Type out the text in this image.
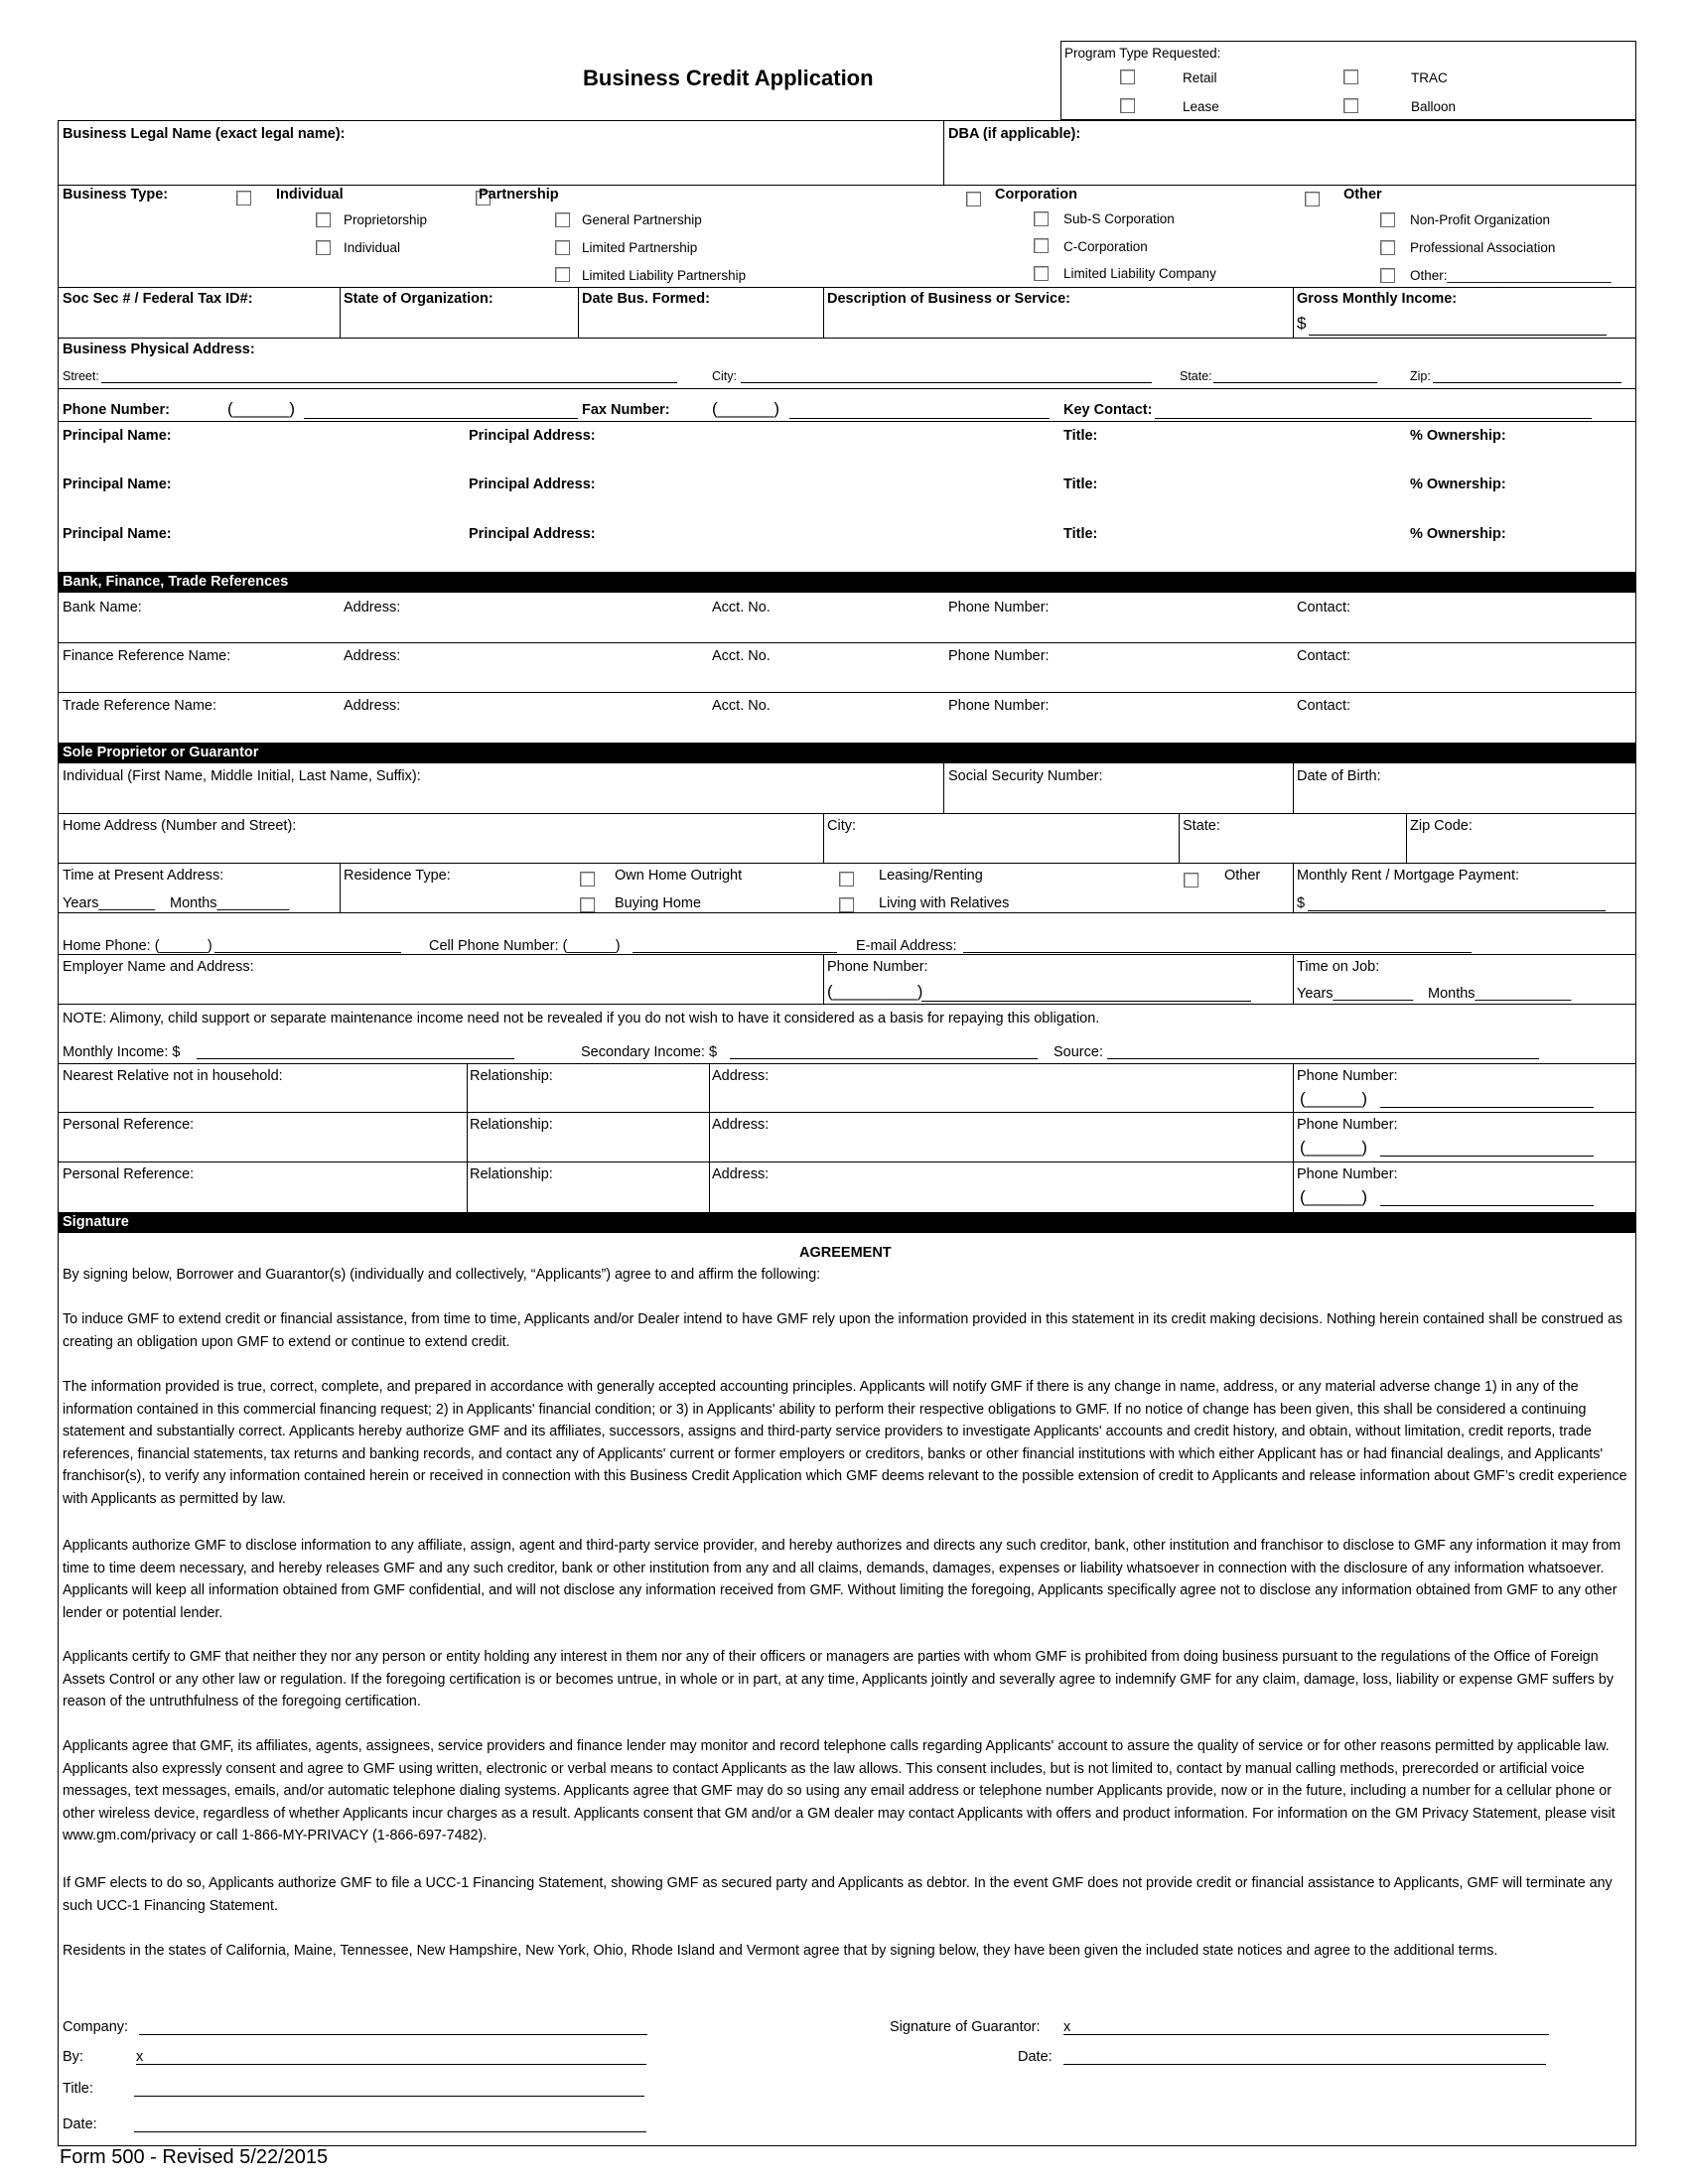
Business Credit Application
Program Type Requested:
Retail	TRAC
Lease	Balloon
Business Legal Name (exact legal name):	DBA (if applicable):
Business Type:	Individual
Proprietorship
Individual
Partnership
General Partnership
Limited Partnership
Limited Liability Partnership
Corporation
Sub-S Corporation
C-Corporation
Limited Liability Company
Other
Non-Profit Organization
Professional Association
Other:______________________
Soc Sec # / Federal Tax ID#:	State of Organization:	Date Bus. Formed:	Description of Business or Service:	Gross Monthly Income:
$
Business Physical Address:
Street:	City:	State:	Zip:
Phone Number:	(______)	Fax Number: (______)	Key Contact:
Principal Name:	Principal Address:	Title:	% Ownership:
Principal Name:	Principal Address:	Title:	% Ownership:
Principal Name:	Principal Address:	Title:	% Ownership:
Bank, Finance, Trade References
Bank Name:	Address:	Acct. No.	Phone Number:	Contact:
Finance Reference Name:	Address:	Acct. No.	Phone Number:	Contact:
Trade Reference Name:	Address:	Acct. No.	Phone Number:	Contact:
Sole Proprietor or Guarantor
Individual (First Name, Middle Initial, Last Name, Suffix):	Social Security Number:	Date of Birth:
Home Address (Number and Street):	City:	State:	Zip Code:
Time at Present Address:
Years_______ Months_________
Residence Type:	Own Home Outright
Buying Home
Leasing/Renting
Living with Relatives
Other	Monthly Rent / Mortgage Payment:
$
Home Phone: (______)	Cell Phone Number: (______)	E-mail Address:
Employer Name and Address:	Phone Number:
(_________)
Time on Job:
Years__________ Months____________
NOTE: Alimony, child support or separate maintenance income need not be revealed if you do not wish to have it considered as a basis for repaying this obligation.
Monthly Income: $	Secondary Income: $	Source:
Nearest Relative not in household:	Relationship:	Address:	Phone Number:
(______)
Personal Reference:	Relationship:	Address:	Phone Number:
(______)
Personal Reference:	Relationship:	Address:	Phone Number:
(______)
Signature
AGREEMENT
By signing below, Borrower and Guarantor(s) (individually and collectively, “Applicants”) agree to and affirm the following:
To induce GMF to extend credit or financial assistance, from time to time, Applicants and/or Dealer intend to have GMF rely upon the information provided in this statement in its credit making decisions. Nothing herein contained shall be construed as creating an obligation upon GMF to extend or continue to extend credit.
The information provided is true, correct, complete, and prepared in accordance with generally accepted accounting principles. Applicants will notify GMF if there is any change in name, address, or any material adverse change 1) in any of the information contained in this commercial financing request; 2) in Applicants' financial condition; or 3) in Applicants' ability to perform their respective obligations to GMF. If no notice of change has been given, this shall be considered a continuing statement and substantially correct. Applicants hereby authorize GMF and its affiliates, successors, assigns and third-party service providers to investigate Applicants' accounts and credit history, and obtain, without limitation, credit reports, trade references, financial statements, tax returns and banking records, and contact any of Applicants' current or former employers or creditors, banks or other financial institutions with which either Applicant has or had financial dealings, and Applicants' franchisor(s), to verify any information contained herein or received in connection with this Business Credit Application which GMF deems relevant to the possible extension of credit to Applicants and release information about GMF’s credit experience with Applicants as permitted by law.
Applicants authorize GMF to disclose information to any affiliate, assign, agent and third-party service provider, and hereby authorizes and directs any such creditor, bank, other institution and franchisor to disclose to GMF any information it may from time to time deem necessary, and hereby releases GMF and any such creditor, bank or other institution from any and all claims, demands, damages, expenses or liability whatsoever in connection with the disclosure of any information whatsoever. Applicants will keep all information obtained from GMF confidential, and will not disclose any information received from GMF. Without limiting the foregoing, Applicants specifically agree not to disclose any information obtained from GMF to any other lender or potential lender.
Applicants certify to GMF that neither they nor any person or entity holding any interest in them nor any of their officers or managers are parties with whom GMF is prohibited from doing business pursuant to the regulations of the Office of Foreign Assets Control or any other law or regulation. If the foregoing certification is or becomes untrue, in whole or in part, at any time, Applicants jointly and severally agree to indemnify GMF for any claim, damage, loss, liability or expense GMF suffers by reason of the untruthfulness of the foregoing certification.
Applicants agree that GMF, its affiliates, agents, assignees, service providers and finance lender may monitor and record telephone calls regarding Applicants' account to assure the quality of service or for other reasons permitted by applicable law. Applicants also expressly consent and agree to GMF using written, electronic or verbal means to contact Applicants as the law allows. This consent includes, but is not limited to, contact by manual calling methods, prerecorded or artificial voice messages, text messages, emails, and/or automatic telephone dialing systems. Applicants agree that GMF may do so using any email address or telephone number Applicants provide, now or in the future, including a number for a cellular phone or other wireless device, regardless of whether Applicants incur charges as a result. Applicants consent that GM and/or a GM dealer may contact Applicants with offers and product information. For information on the GM Privacy Statement, please visit www.gm.com/privacy or call 1-866-MY-PRIVACY (1-866-697-7482).
If GMF elects to do so, Applicants authorize GMF to file a UCC-1 Financing Statement, showing GMF as secured party and Applicants as debtor. In the event GMF does not provide credit or financial assistance to Applicants, GMF will terminate any such UCC-1 Financing Statement.
Residents in the states of California, Maine, Tennessee, New Hampshire, New York, Ohio, Rhode Island and Vermont agree that by signing below, they have been given the included state notices and agree to the additional terms.
Company:
By:	x
Title:
Date:
Signature of Guarantor: x
Date:
Form 500 - Revised 5/22/2015
